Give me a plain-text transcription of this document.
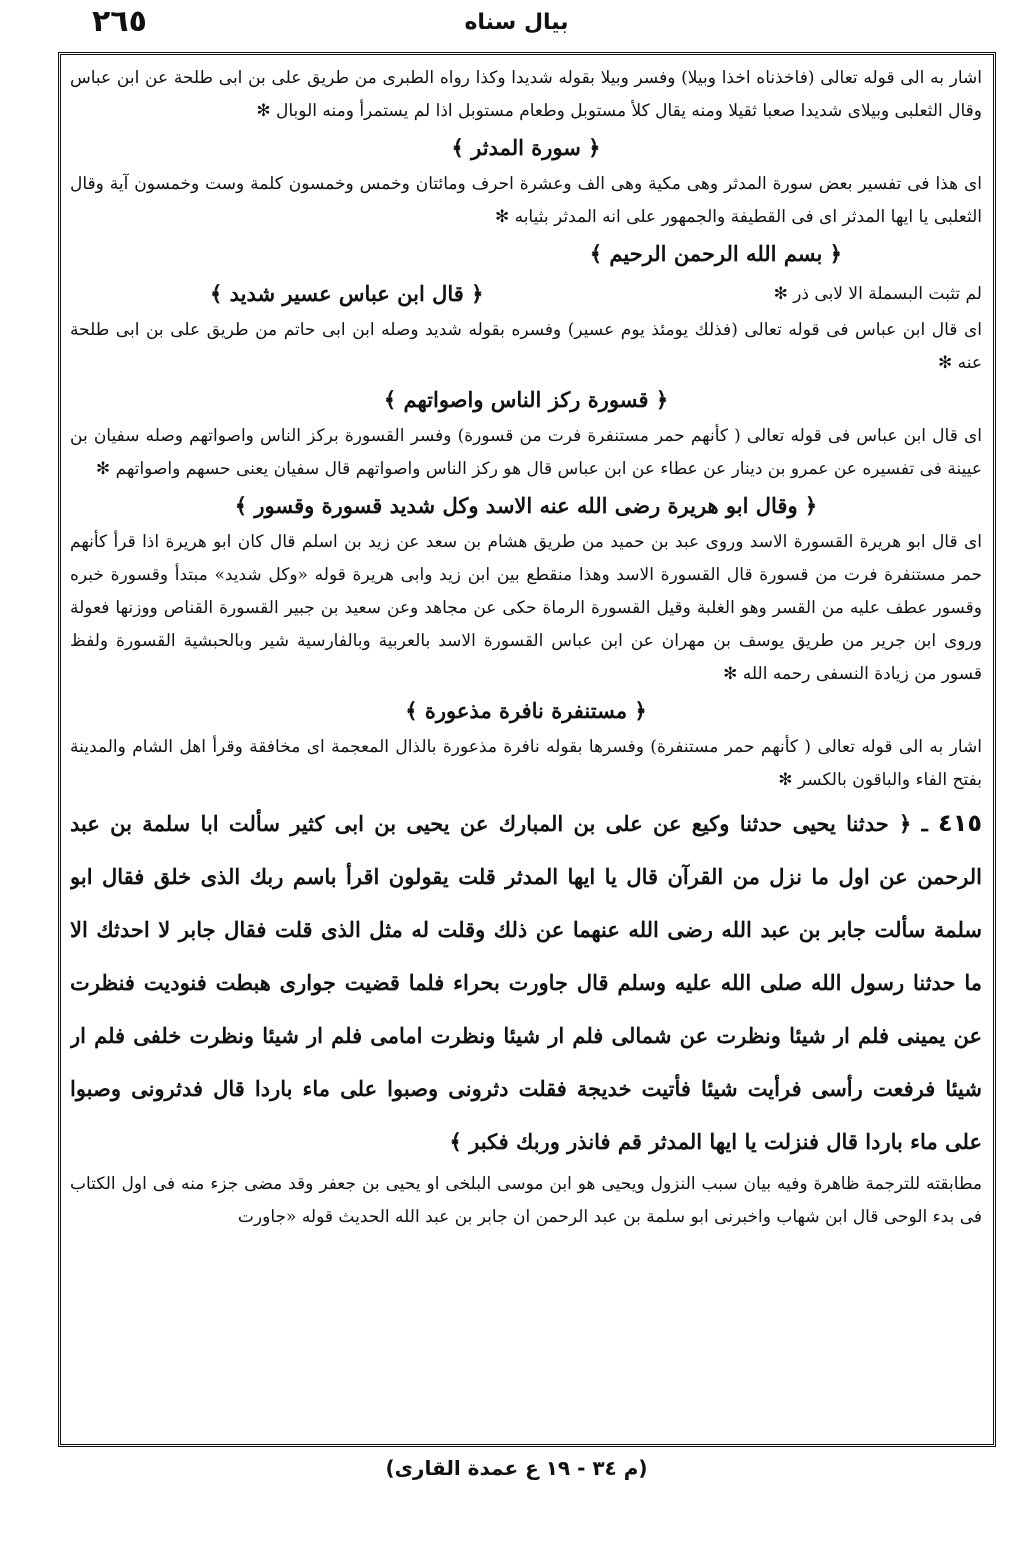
٢٦٥	بيال سناه

اشار به الى قوله تعالى (فاخذناه اخذا وبيلا) وفسر وبيلا بقوله شديدا وكذا رواه الطبرى من طريق على بن ابى طلحة عن ابن عباس وقال الثعلبى وبيلاى شديدا صعبا ثقيلا ومنه يقال كلأ مستوبل وطعام مستوبل اذا لم يستمرأ ومنه الوبال ✻

﴿ سورة المدثر ﴾

اى هذا فى تفسير بعض سورة المدثر وهى مكية وهى الف وعشرة احرف ومائتان وخمس وخمسون كلمة وست وخمسون آية وقال الثعلبى يا ايها المدثر اى فى القطيفة والجمهور على انه المدثر بثيابه ✻

﴿ بسم الله الرحمن الرحيم ﴾
لم تثبت البسملة الا لابى ذر ✻
﴿ قال ابن عباس عسير شديد ﴾

اى قال ابن عباس فى قوله تعالى (فذلك يومئذ يوم عسير) وفسره بقوله شديد وصله ابن ابى حاتم من طريق على بن ابى طلحة عنه ✻

﴿ قسورة ركز الناس واصواتهم ﴾

اى قال ابن عباس فى قوله تعالى ( كأنهم حمر مستنفرة فرت من قسورة) وفسر القسورة بركز الناس واصواتهم وصله سفيان بن عيينة فى تفسيره عن عمرو بن دينار عن عطاء عن ابن عباس قال هو ركز الناس واصواتهم قال سفيان يعنى حسهم واصواتهم ✻

﴿ وقال ابو هريرة رضى الله عنه الاسد وكل شديد قسورة وقسور ﴾

اى قال ابو هريرة القسورة الاسد وروى عبد بن حميد من طريق هشام بن سعد عن زيد بن اسلم قال كان ابو هريرة اذا قرأ كأنهم حمر مستنفرة فرت من قسورة قال القسورة الاسد وهذا منقطع بين ابن زيد وابى هريرة قوله «وكل شديد» مبتدأ وقسورة خبره وقسور عطف عليه من القسر وهو الغلبة وقيل القسورة الرماة حكى عن مجاهد وعن سعيد بن جبير القسورة القناص ووزنها فعولة وروى ابن جرير من طريق يوسف بن مهران عن ابن عباس القسورة الاسد بالعربية وبالفارسية شير وبالحبشية القسورة ولفظ قسور من زيادة النسفى رحمه الله ✻

﴿ مستنفرة نافرة مذعورة ﴾

اشار به الى قوله تعالى ( كأنهم حمر مستنفرة) وفسرها بقوله نافرة مذعورة بالذال المعجمة اى مخافقة وقرأ اهل الشام والمدينة بفتح الفاء والباقون بالكسر ✻

٤١٥ ـ ﴿ حدثنا يحيى حدثنا وكيع عن على بن المبارك عن يحيى بن ابى كثير سألت ابا سلمة بن عبد الرحمن عن اول ما نزل من القرآن قال يا ايها المدثر قلت يقولون اقرأ باسم ربك الذى خلق فقال ابو سلمة سألت جابر بن عبد الله رضى الله عنهما عن ذلك وقلت له مثل الذى قلت فقال جابر لا احدثك الا ما حدثنا رسول الله صلى الله عليه وسلم قال جاورت بحراء فلما قضيت جوارى هبطت فنوديت فنظرت عن يمينى فلم ار شيئا ونظرت عن شمالى فلم ار شيئا ونظرت امامى فلم ار شيئا ونظرت خلفى فلم ار شيئا فرفعت رأسى فرأيت شيئا فأتيت خديجة فقلت دثرونى وصبوا على ماء باردا قال فدثرونى وصبوا على ماء باردا قال فنزلت يا ايها المدثر قم فانذر وربك فكبر ﴾

مطابقته للترجمة ظاهرة وفيه بيان سبب النزول ويحيى هو ابن موسى البلخى او يحيى بن جعفر وقد مضى جزء منه فى اول الكتاب فى بدء الوحى قال ابن شهاب واخبرنى ابو سلمة بن عبد الرحمن ان جابر بن عبد الله الحديث قوله «جاورت

(م ٣٤ - ١٩ ع عمدة القارى)
